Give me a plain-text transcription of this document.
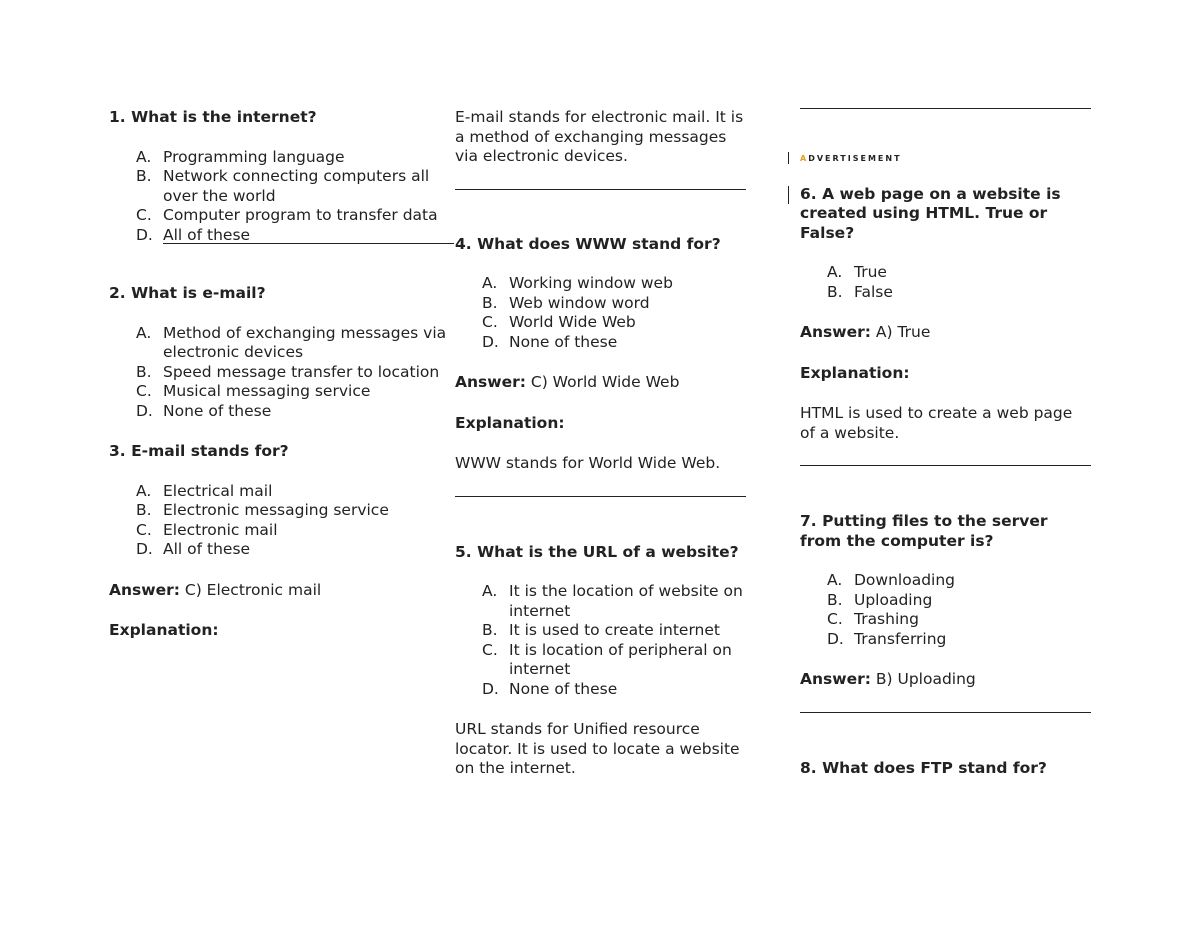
1. What is the internet?

A. Programming language
B. Network connecting computers all over the world
C. Computer program to transfer data
D. All of these

2. What is e-mail?

A. Method of exchanging messages via electronic devices
B. Speed message transfer to location
C. Musical messaging service
D. None of these

3. E-mail stands for?

A. Electrical mail
B. Electronic messaging service
C. Electronic mail
D. All of these

Answer: C) Electronic mail

Explanation:

E-mail stands for electronic mail. It is a method of exchanging messages via electronic devices.

4. What does WWW stand for?

A. Working window web
B. Web window word
C. World Wide Web
D. None of these

Answer: C) World Wide Web

Explanation:

WWW stands for World Wide Web.

5. What is the URL of a website?

A. It is the location of website on internet
B. It is used to create internet
C. It is location of peripheral on internet
D. None of these

URL stands for Unified resource locator. It is used to locate a website on the internet.

ADVERTISEMENT

6. A web page on a website is created using HTML. True or False?

A. True
B. False

Answer: A) True

Explanation:

HTML is used to create a web page of a website.

7. Putting files to the server from the computer is?

A. Downloading
B. Uploading
C. Trashing
D. Transferring

Answer: B) Uploading

8. What does FTP stand for?
